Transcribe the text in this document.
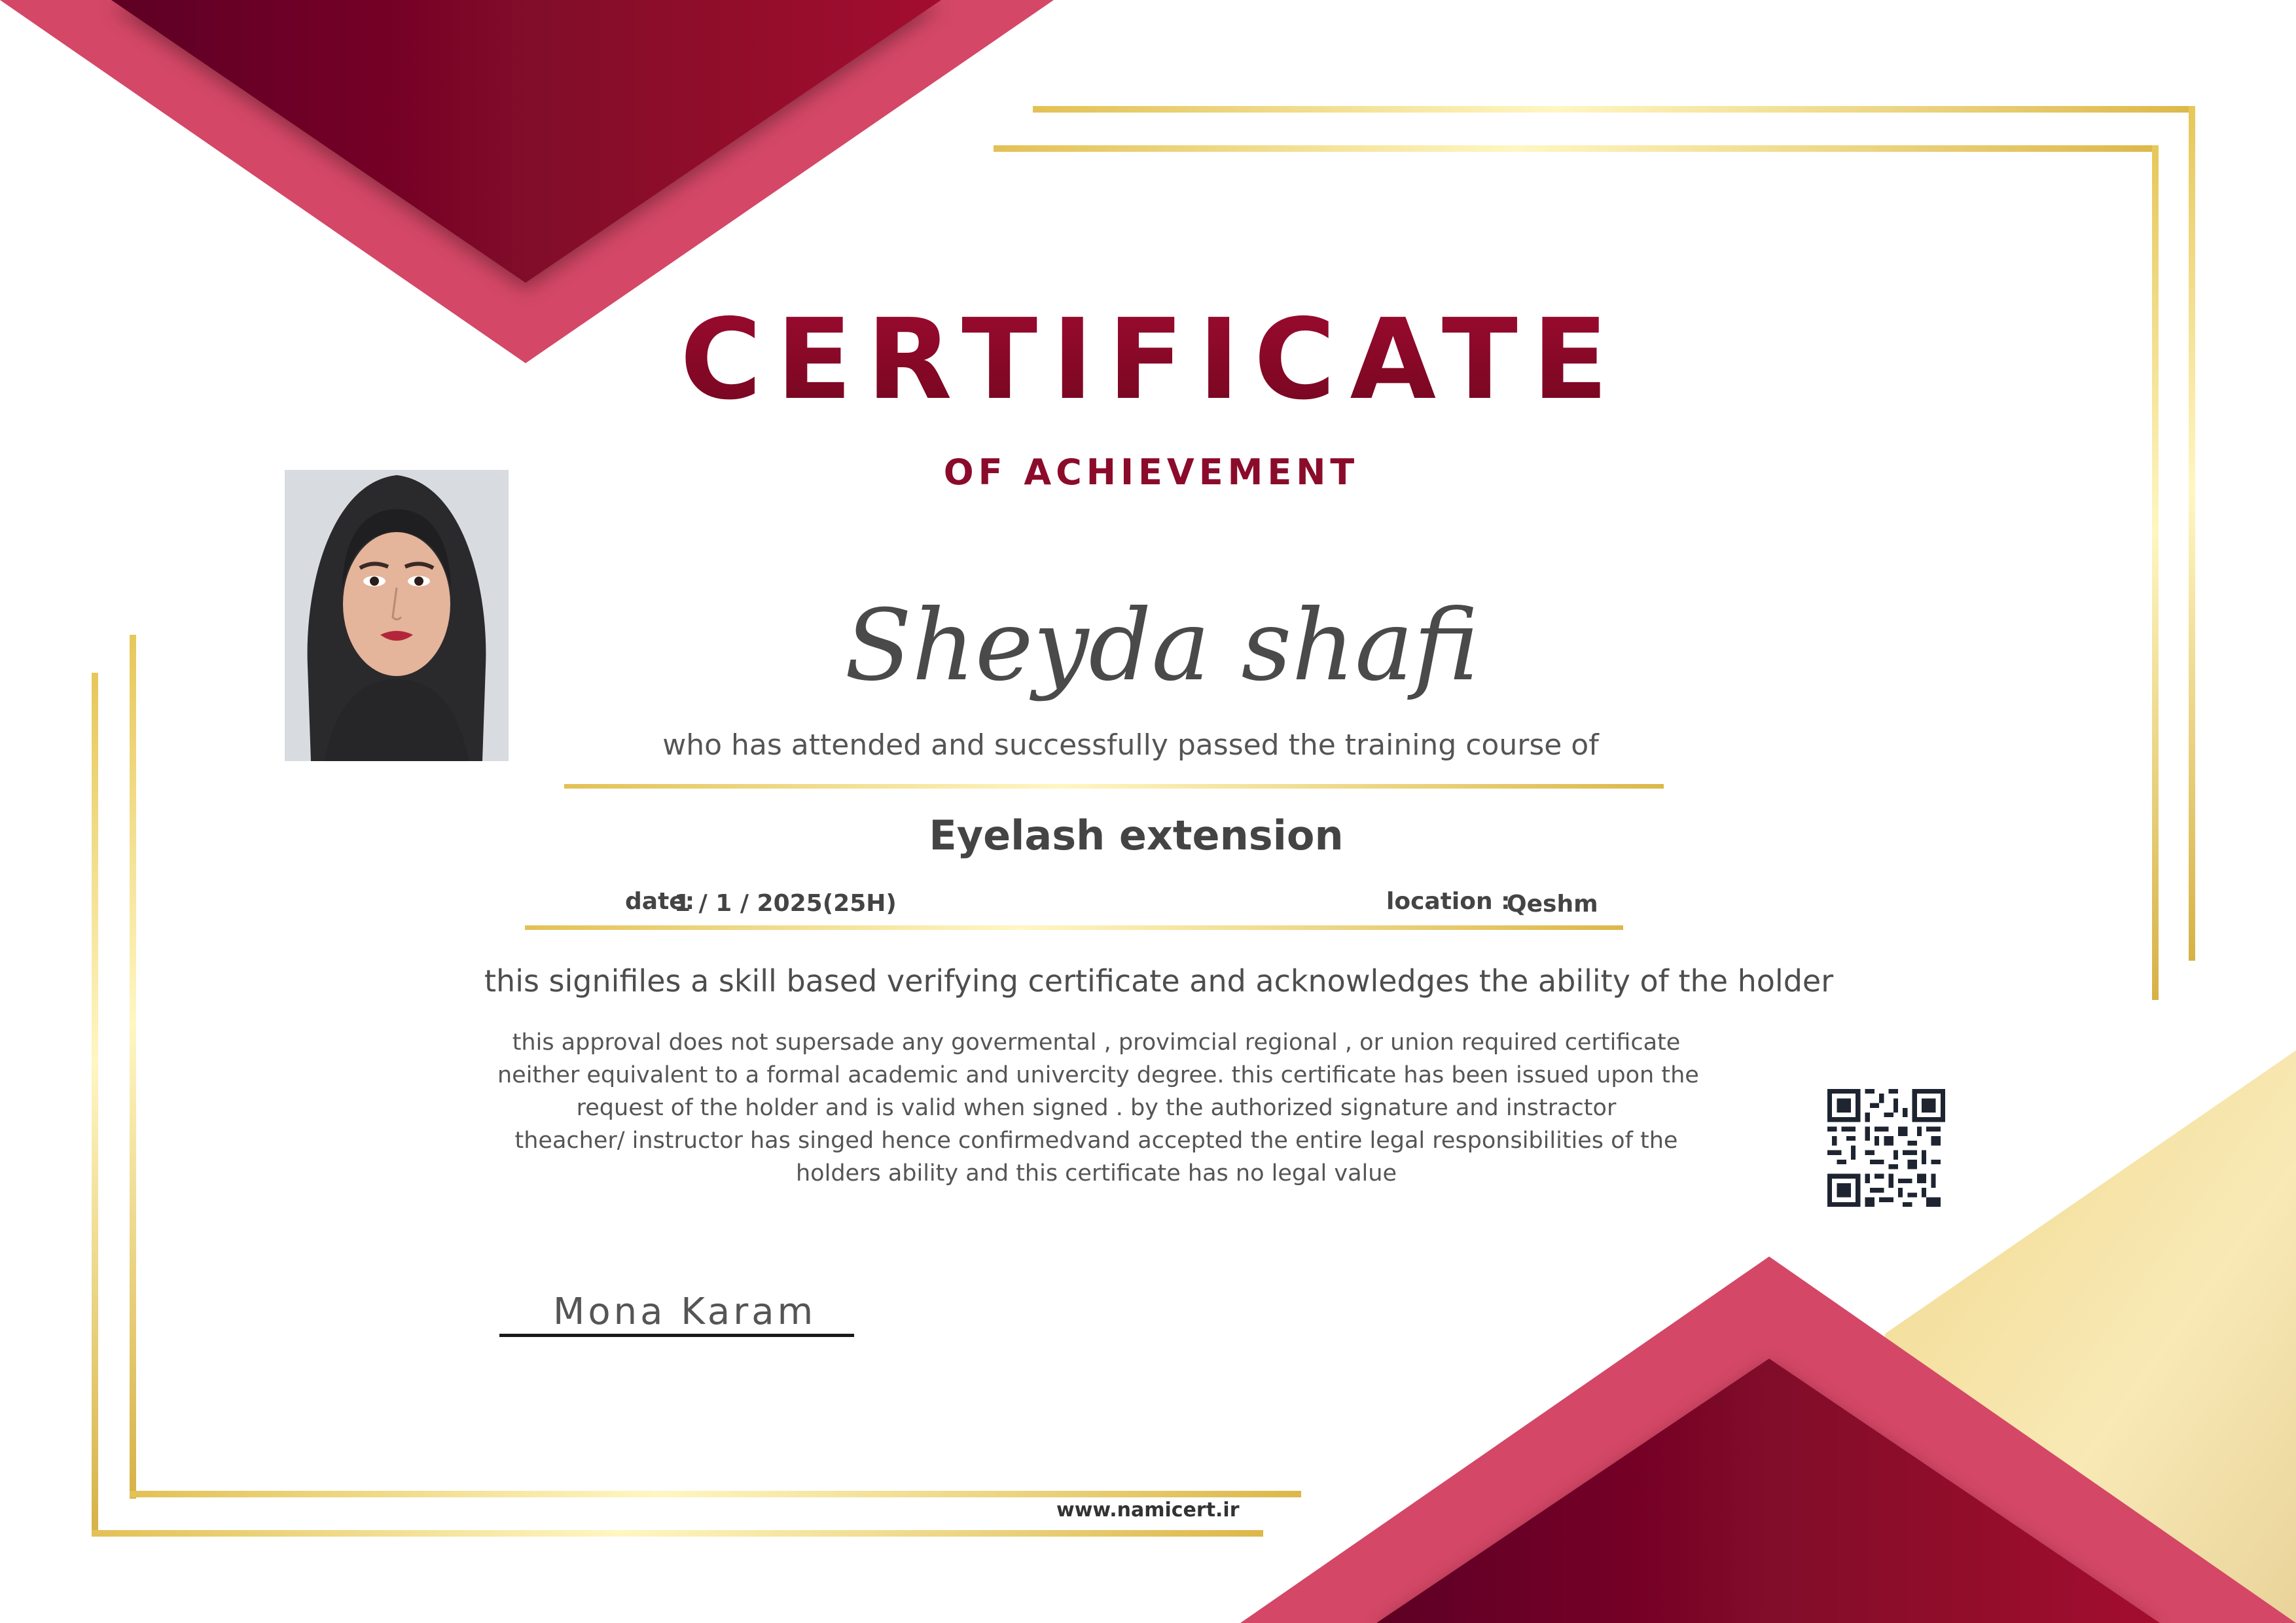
CERTIFICATE
OF ACHIEVEMENT
Sheyda shafi
who has attended and successfully passed the training course of
Eyelash extension
date:
1 / 1 / 2025(25H)	location :
Qeshm
this signifiles a skill based verifying certificate and acknowledges the ability of the holder
this approval does not supersade any govermental , provimcial regional , or union required certificate
neither equivalent to a formal academic and univercity degree. this certificate has been issued upon the
request of the holder and is valid when signed . by the authorized signature and instractor
theacher/ instructor has singed hence confirmedvand accepted the entire legal responsibilities of the
holders ability and this certificate has no legal value
Mona Karam
www.namicert.ir
